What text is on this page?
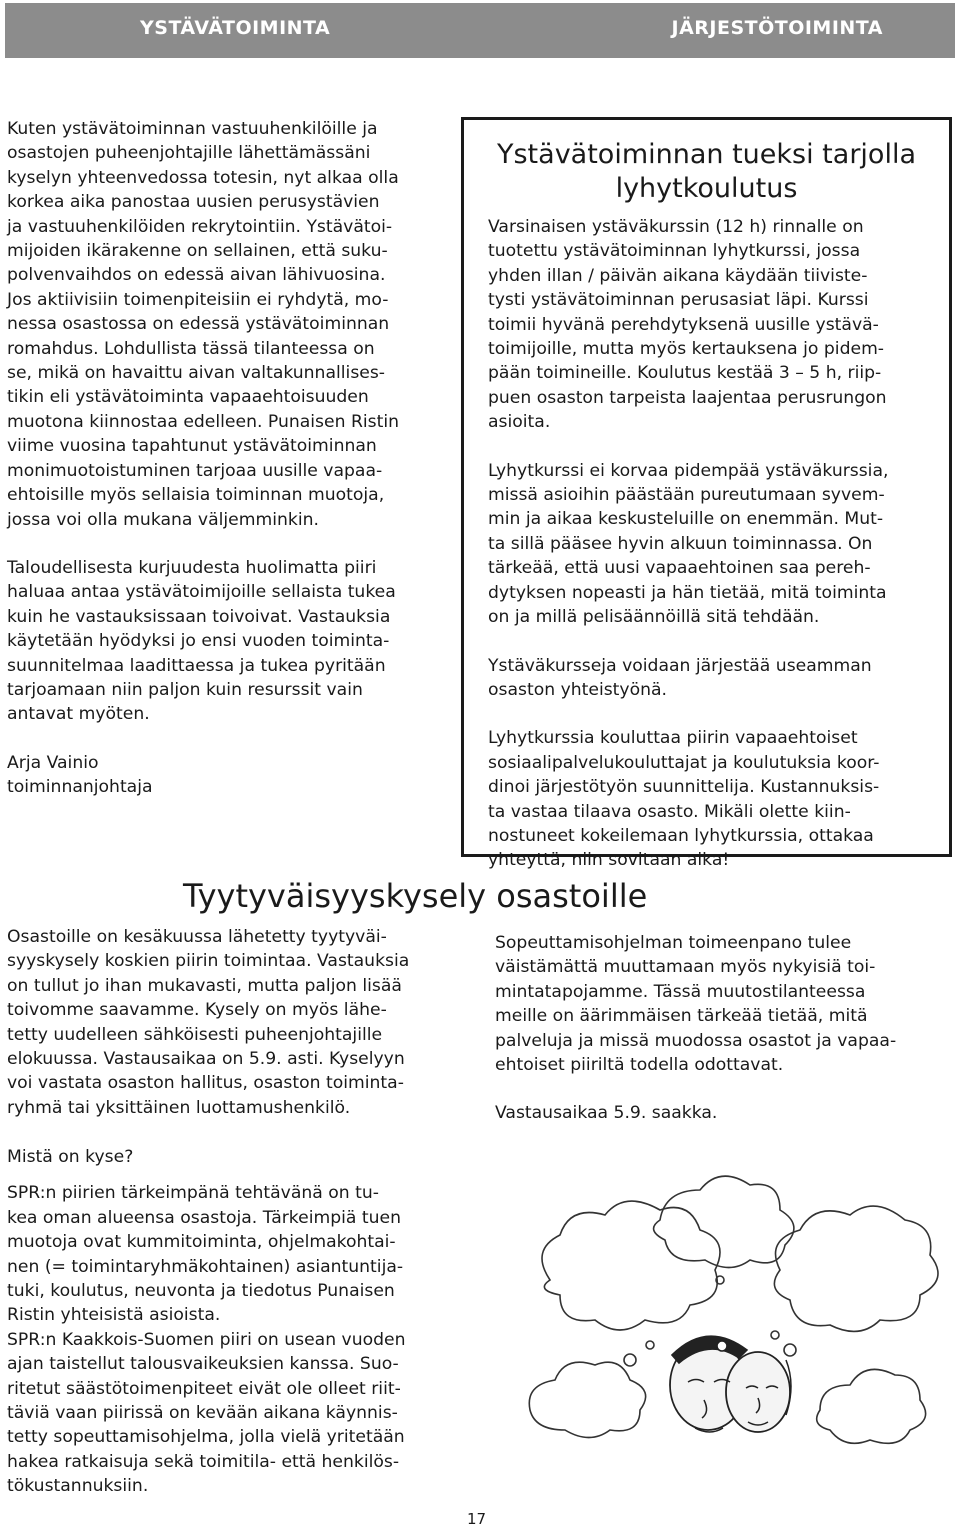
YSTÄVÄTOIMINTA	JÄRJESTÖTOIMINTA

Kuten ystävätoiminnan vastuuhenkilöille ja
osastojen puheenjohtajille lähettämässäni
kyselyn yhteenvedossa totesin, nyt alkaa olla
korkea aika panostaa uusien perusystävien
ja vastuuhenkilöiden rekrytointiin. Ystävätoi-
mijoiden ikärakenne on sellainen, että suku-
polvenvaihdos on edessä aivan lähivuosina.
Jos aktiivisiin toimenpiteisiin ei ryhdytä, mo-
nessa osastossa on edessä ystävätoiminnan
romahdus. Lohdullista tässä tilanteessa on
se, mikä on havaittu aivan valtakunnallises-
tikin eli ystävätoiminta vapaaehtoisuuden
muotona kiinnostaa edelleen. Punaisen Ristin
viime vuosina tapahtunut ystävätoiminnan
monimuotoistuminen tarjoaa uusille vapaa-
ehtoisille myös sellaisia toiminnan muotoja,
jossa voi olla mukana väljemminkin.

Taloudellisesta kurjuudesta huolimatta piiri
haluaa antaa ystävätoimijoille sellaista tukea
kuin he vastauksissaan toivoivat. Vastauksia
käytetään hyödyksi jo ensi vuoden toiminta-
suunnitelmaa laadittaessa ja tukea pyritään
tarjoamaan niin paljon kuin resurssit vain
antavat myöten.

Arja Vainio
toiminnanjohtaja

Ystävätoiminnan tueksi tarjolla
lyhytkoulutus

Varsinaisen ystäväkurssin (12 h) rinnalle on
tuotettu ystävätoiminnan lyhytkurssi, jossa
yhden illan / päivän aikana käydään tiiviste-
tysti ystävätoiminnan perusasiat läpi. Kurssi
toimii hyvänä perehdytyksenä uusille ystävä-
toimijoille, mutta myös kertauksena jo pidem-
pään toimineille. Koulutus kestää 3 – 5 h, riip-
puen osaston tarpeista laajentaa perusrungon
asioita.

Lyhytkurssi ei korvaa pidempää ystäväkurssia,
missä asioihin päästään pureutumaan syvem-
min ja aikaa keskusteluille on enemmän. Mut-
ta sillä pääsee hyvin alkuun toiminnassa. On
tärkeää, että uusi vapaaehtoinen saa pereh-
dytyksen nopeasti ja hän tietää, mitä toiminta
on ja millä pelisäännöillä sitä tehdään.

Ystäväkursseja voidaan järjestää useamman
osaston yhteistyönä.

Lyhytkurssia kouluttaa piirin vapaaehtoiset
sosiaalipalvelukouluttajat ja koulutuksia koor-
dinoi järjestötyön suunnittelija. Kustannuksis-
ta vastaa tilaava osasto. Mikäli olette kiin-
nostuneet kokeilemaan lyhytkurssia, ottakaa
yhteyttä, niin sovitaan aika!

Tyytyväisyyskysely osastoille

Osastoille on kesäkuussa lähetetty tyytyväi-
syyskysely koskien piirin toimintaa. Vastauksia
on tullut jo ihan mukavasti, mutta paljon lisää
toivomme saavamme. Kysely on myös lähe-
tetty uudelleen sähköisesti puheenjohtajille
elokuussa. Vastausaikaa on 5.9. asti. Kyselyyn
voi vastata osaston hallitus, osaston toiminta-
ryhmä tai yksittäinen luottamushenkilö.

Sopeuttamisohjelman toimeenpano tulee
väistämättä muuttamaan myös nykyisiä toi-
mintatapojamme. Tässä muutostilanteessa
meille on äärimmäisen tärkeää tietää, mitä
palveluja ja missä muodossa osastot ja vapaa-
ehtoiset piiriltä todella odottavat.

Vastausaikaa 5.9. saakka.

Mistä on kyse?

SPR:n piirien tärkeimpänä tehtävänä on tu-
kea oman alueensa osastoja. Tärkeimpiä tuen
muotoja ovat kummitoiminta, ohjelmakohtai-
nen (= toimintaryhmäkohtainen) asiantuntija-
tuki, koulutus, neuvonta ja tiedotus Punaisen
Ristin yhteisistä asioista.

SPR:n Kaakkois-Suomen piiri on usean vuoden
ajan taistellut talousvaikeuksien kanssa. Suo-
ritetut säästötoimenpiteet eivät ole olleet riit-
täviä vaan piirissä on kevään aikana käynnis-
tetty sopeuttamisohjelma, jolla vielä yritetään
hakea ratkaisuja sekä toimitila- että henkilös-
tökustannuksiin.

17
